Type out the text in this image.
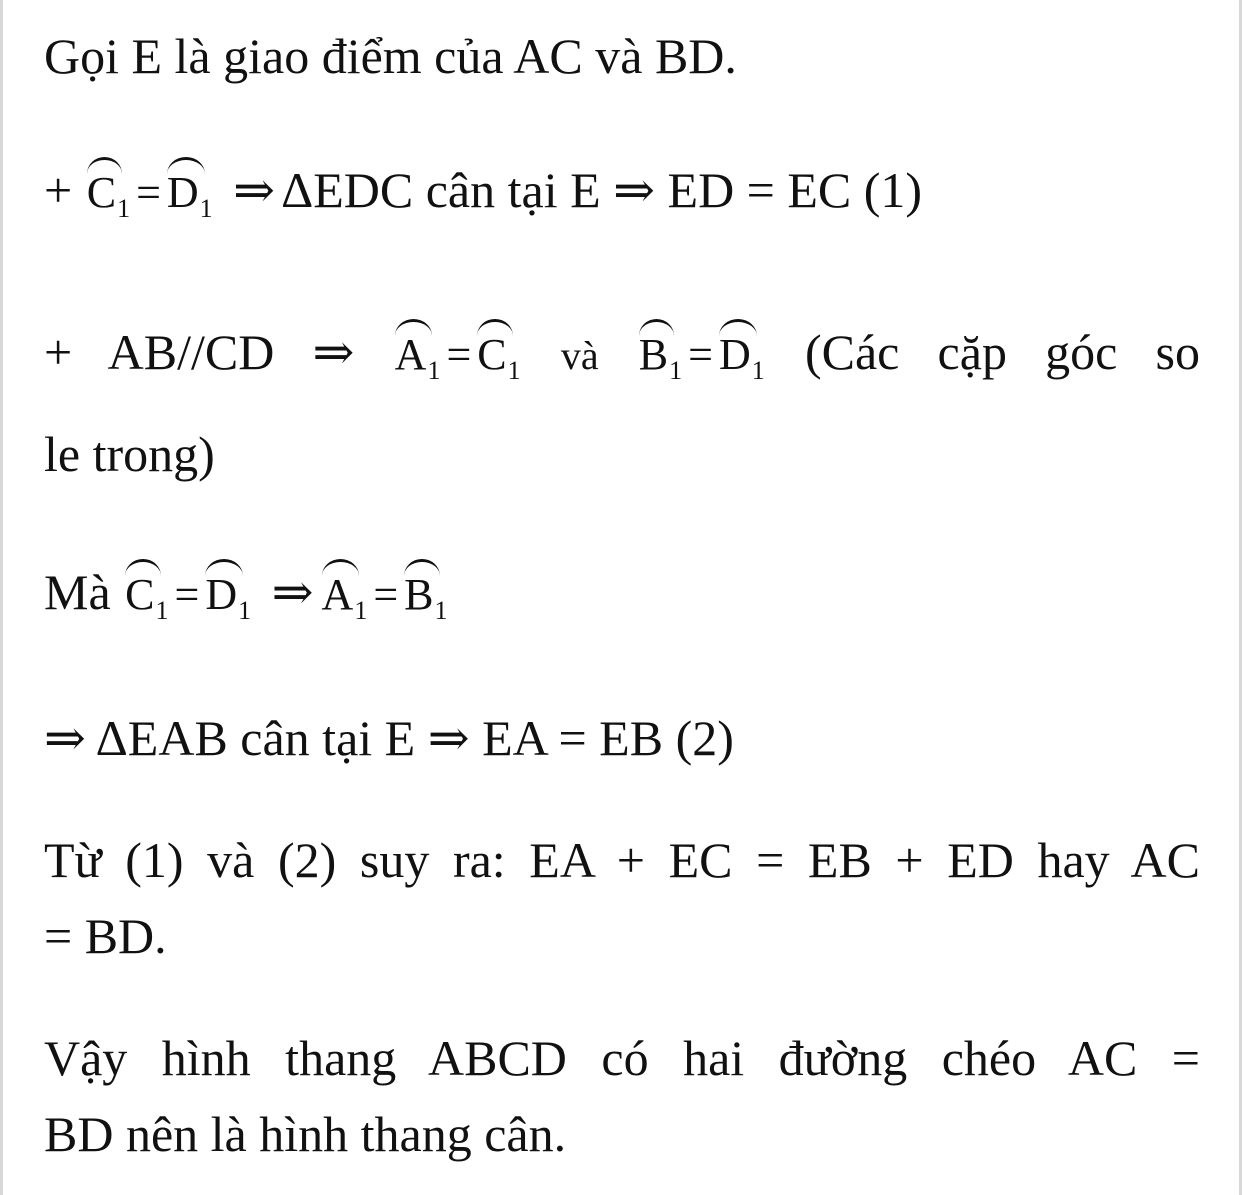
Gọi E là giao điểm của AC và BD.
+ $C_1 = D_1$ ⇒ ΔEDC cân tại E ⇒ ED = EC (1)
+ AB//CD ⇒ $A_1 = C_1$ và $B_1 = D_1$ (Các cặp góc so
le trong)
Mà $C_1 = D_1$ ⇒ $A_1 = B_1$
⇒ ΔEAB cân tại E ⇒ EA = EB (2)
Từ (1) và (2) suy ra: EA + EC = EB + ED hay AC
= BD.
Vậy hình thang ABCD có hai đường chéo AC =
BD nên là hình thang cân.
